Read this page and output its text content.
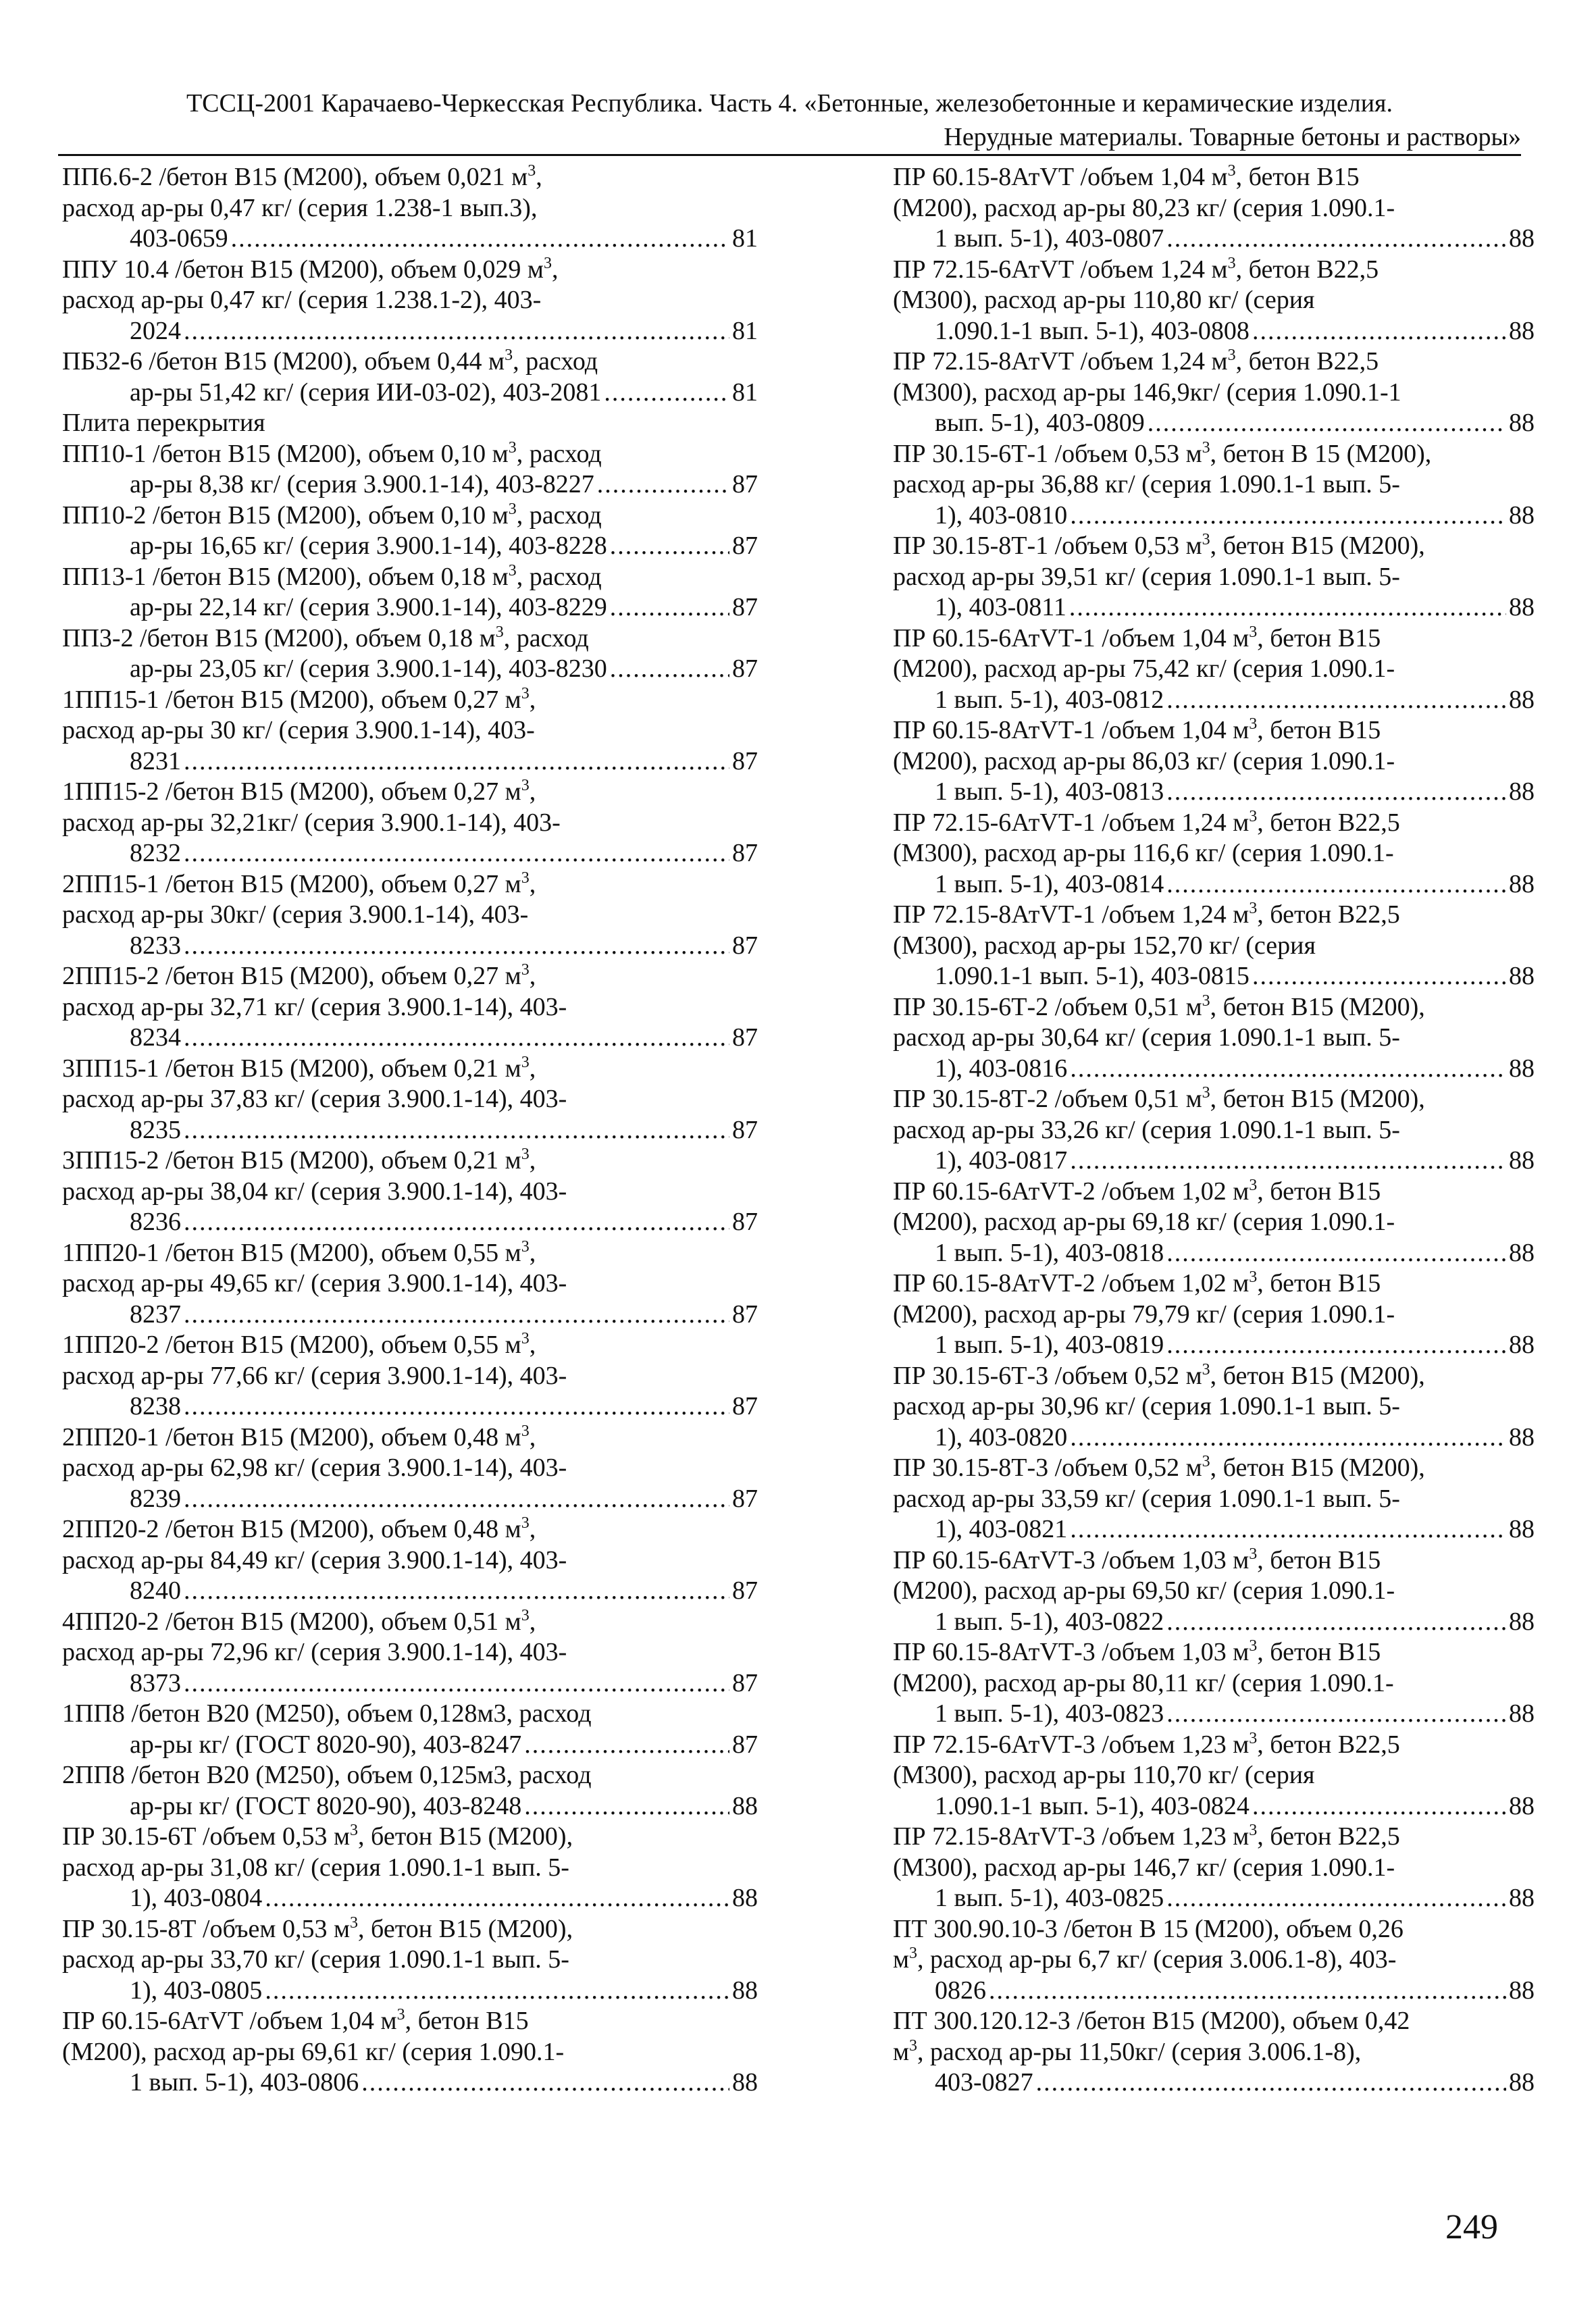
ТССЦ-2001 Карачаево-Черкесская Республика. Часть 4. «Бетонные, железобетонные и керамические изделия.
Нерудные материалы. Товарные бетоны и растворы»
ПП6.6-2 /бетон B15 (М200), объем 0,021 $м^3$,
расход ар-ры 0,47 кг/ (серия 1.238-1 вып.3),
403-0659 .....	81
ППУ 10.4 /бетон B15 (М200), объем 0,029 $м^3$,
расход ар-ры 0,47 кг/ (серия 1.238.1-2), 403-
2024 .....	81
ПБ32-6 /бетон B15 (М200), объем 0,44 $м^3$, расход
ар-ры 51,42 кг/ (серия ИИ-03-02), 403-2081 .....	81
Плита перекрытия
ПП10-1 /бетон B15 (М200), объем 0,10 $м^3$, расход
ар-ры 8,38 кг/ (серия 3.900.1-14), 403-8227 .....	87
ПП10-2 /бетон B15 (М200), объем 0,10 $м^3$, расход
ар-ры 16,65 кг/ (серия 3.900.1-14), 403-8228 .....	87
ПП13-1 /бетон B15 (М200), объем 0,18 $м^3$, расход
ар-ры 22,14 кг/ (серия 3.900.1-14), 403-8229 .....	87
ПП3-2 /бетон B15 (М200), объем 0,18 $м^3$, расход
ар-ры 23,05 кг/ (серия 3.900.1-14), 403-8230 .....	87
1ПП15-1 /бетон B15 (М200), объем 0,27 $м^3$,
расход ар-ры 30 кг/ (серия 3.900.1-14), 403-
8231 .....	87
1ПП15-2 /бетон B15 (М200), объем 0,27 $м^3$,
расход ар-ры 32,21кг/ (серия 3.900.1-14), 403-
8232 .....	87
2ПП15-1 /бетон B15 (М200), объем 0,27 $м^3$,
расход ар-ры 30кг/ (серия 3.900.1-14), 403-
8233 .....	87
2ПП15-2 /бетон B15 (М200), объем 0,27 $м^3$,
расход ар-ры 32,71 кг/ (серия 3.900.1-14), 403-
8234 .....	87
3ПП15-1 /бетон B15 (М200), объем 0,21 $м^3$,
расход ар-ры 37,83 кг/ (серия 3.900.1-14), 403-
8235 .....	87
3ПП15-2 /бетон B15 (М200), объем 0,21 $м^3$,
расход ар-ры 38,04 кг/ (серия 3.900.1-14), 403-
8236 .....	87
1ПП20-1 /бетон B15 (М200), объем 0,55 $м^3$,
расход ар-ры 49,65 кг/ (серия 3.900.1-14), 403-
8237 .....	87
1ПП20-2 /бетон B15 (М200), объем 0,55 $м^3$,
расход ар-ры 77,66 кг/ (серия 3.900.1-14), 403-
8238 .....	87
2ПП20-1 /бетон B15 (М200), объем 0,48 $м^3$,
расход ар-ры 62,98 кг/ (серия 3.900.1-14), 403-
8239 .....	87
2ПП20-2 /бетон B15 (М200), объем 0,48 $м^3$,
расход ар-ры 84,49 кг/ (серия 3.900.1-14), 403-
8240 .....	87
4ПП20-2 /бетон B15 (М200), объем 0,51 $м^3$,
расход ар-ры 72,96 кг/ (серия 3.900.1-14), 403-
8373 .....	87
1ПП8 /бетон B20 (М250), объем 0,128м3, расход
ар-ры кг/ (ГОСТ 8020-90), 403-8247 .....	87
2ПП8 /бетон B20 (М250), объем 0,125м3, расход
ар-ры кг/ (ГОСТ 8020-90), 403-8248 .....	88
ПР 30.15-6Т /объем 0,53 $м^3$, бетон B15 (М200),
расход ар-ры 31,08 кг/ (серия 1.090.1-1 вып. 5-
1), 403-0804 .....	88
ПР 30.15-8Т /объем 0,53 $м^3$, бетон B15 (М200),
расход ар-ры 33,70 кг/ (серия 1.090.1-1 вып. 5-
1), 403-0805 .....	88
ПР 60.15-6АтVТ /объем 1,04 $м^3$, бетон B15
(М200), расход ар-ры 69,61 кг/ (серия 1.090.1-
1 вып. 5-1), 403-0806 .....	88
ПР 60.15-8АтVТ /объем 1,04 $м^3$, бетон B15
(М200), расход ар-ры 80,23 кг/ (серия 1.090.1-
1 вып. 5-1), 403-0807 .....	88
ПР 72.15-6АтVТ /объем 1,24 $м^3$, бетон B22,5
(М300), расход ар-ры 110,80 кг/ (серия
1.090.1-1 вып. 5-1), 403-0808 .....	88
ПР 72.15-8АтVТ /объем 1,24 $м^3$, бетон B22,5
(М300), расход ар-ры 146,9кг/ (серия 1.090.1-1
вып. 5-1), 403-0809 .....	88
ПР 30.15-6Т-1 /объем 0,53 $м^3$, бетон B 15 (М200),
расход ар-ры 36,88 кг/ (серия 1.090.1-1 вып. 5-
1), 403-0810 .....	88
ПР 30.15-8Т-1 /объем 0,53 $м^3$, бетон B15 (М200),
расход ар-ры 39,51 кг/ (серия 1.090.1-1 вып. 5-
1), 403-0811 .....	88
ПР 60.15-6АтVТ-1 /объем 1,04 $м^3$, бетон B15
(М200), расход ар-ры 75,42 кг/ (серия 1.090.1-
1 вып. 5-1), 403-0812 .....	88
ПР 60.15-8АтVТ-1 /объем 1,04 $м^3$, бетон B15
(М200), расход ар-ры 86,03 кг/ (серия 1.090.1-
1 вып. 5-1), 403-0813 .....	88
ПР 72.15-6АтVТ-1 /объем 1,24 $м^3$, бетон B22,5
(М300), расход ар-ры 116,6 кг/ (серия 1.090.1-
1 вып. 5-1), 403-0814 .....	88
ПР 72.15-8АтVТ-1 /объем 1,24 $м^3$, бетон B22,5
(М300), расход ар-ры 152,70 кг/ (серия
1.090.1-1 вып. 5-1), 403-0815 .....	88
ПР 30.15-6Т-2 /объем 0,51 $м^3$, бетон B15 (М200),
расход ар-ры 30,64 кг/ (серия 1.090.1-1 вып. 5-
1), 403-0816 .....	88
ПР 30.15-8Т-2 /объем 0,51 $м^3$, бетон B15 (М200),
расход ар-ры 33,26 кг/ (серия 1.090.1-1 вып. 5-
1), 403-0817 .....	88
ПР 60.15-6АтVТ-2 /объем 1,02 $м^3$, бетон B15
(М200), расход ар-ры 69,18 кг/ (серия 1.090.1-
1 вып. 5-1), 403-0818 .....	88
ПР 60.15-8АтVТ-2 /объем 1,02 $м^3$, бетон B15
(М200), расход ар-ры 79,79 кг/ (серия 1.090.1-
1 вып. 5-1), 403-0819 .....	88
ПР 30.15-6Т-3 /объем 0,52 $м^3$, бетон B15 (М200),
расход ар-ры 30,96 кг/ (серия 1.090.1-1 вып. 5-
1), 403-0820 .....	88
ПР 30.15-8Т-3 /объем 0,52 $м^3$, бетон B15 (М200),
расход ар-ры 33,59 кг/ (серия 1.090.1-1 вып. 5-
1), 403-0821 .....	88
ПР 60.15-6АтVТ-3 /объем 1,03 $м^3$, бетон B15
(М200), расход ар-ры 69,50 кг/ (серия 1.090.1-
1 вып. 5-1), 403-0822 .....	88
ПР 60.15-8АтVТ-3 /объем 1,03 $м^3$, бетон B15
(М200), расход ар-ры 80,11 кг/ (серия 1.090.1-
1 вып. 5-1), 403-0823 .....	88
ПР 72.15-6АтVТ-3 /объем 1,23 $м^3$, бетон B22,5
(М300), расход ар-ры 110,70 кг/ (серия
1.090.1-1 вып. 5-1), 403-0824 .....	88
ПР 72.15-8АтVТ-3 /объем 1,23 $м^3$, бетон B22,5
(М300), расход ар-ры 146,7 кг/ (серия 1.090.1-
1 вып. 5-1), 403-0825 .....	88
ПТ 300.90.10-3 /бетон B 15 (М200), объем 0,26
$м^3$, расход ар-ры 6,7 кг/ (серия 3.006.1-8), 403-
0826 .....	88
ПТ 300.120.12-3 /бетон B15 (М200), объем 0,42
$м^3$, расход ар-ры 11,50кг/ (серия 3.006.1-8),
403-0827 .....	88
249
